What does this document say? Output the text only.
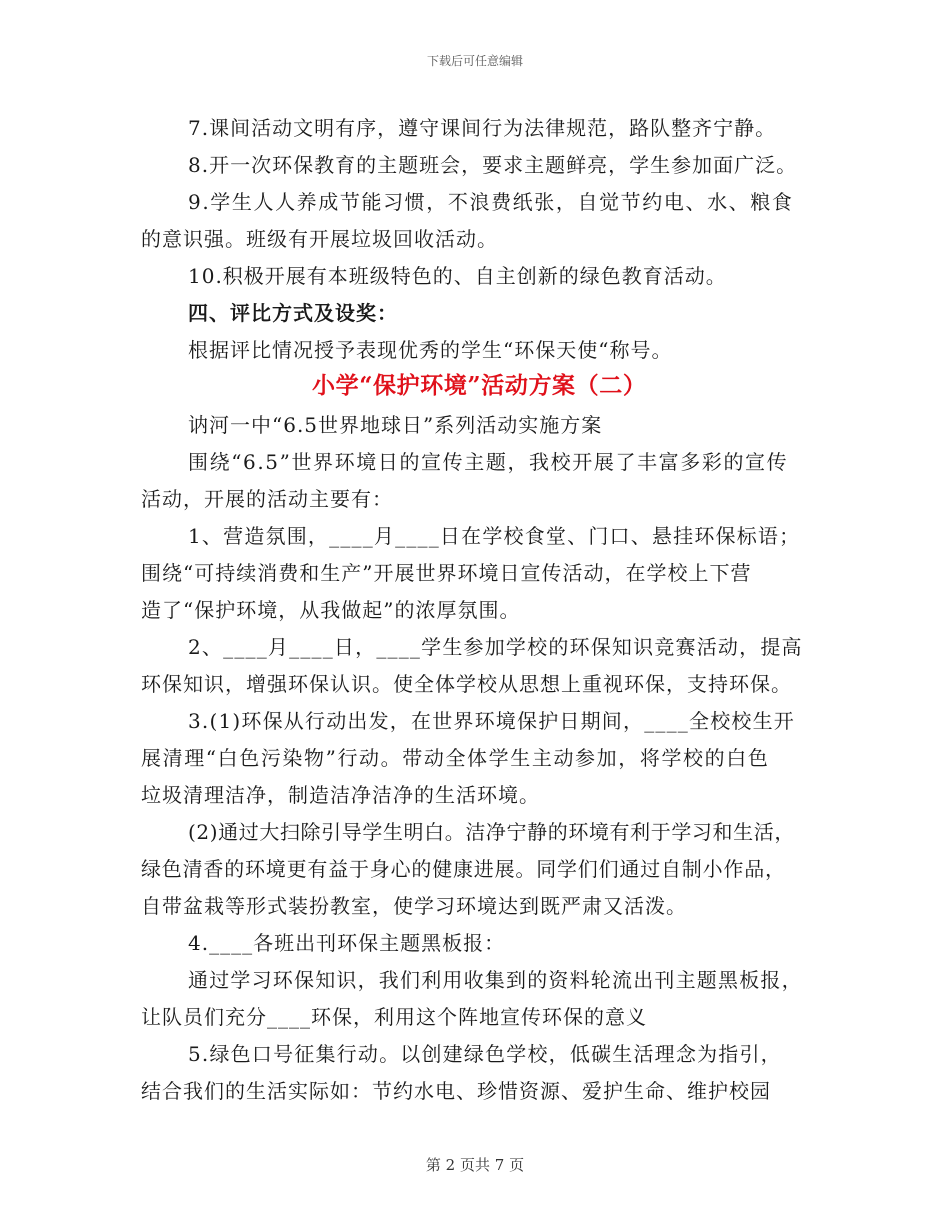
下载后可任意编辑
7.课间活动文明有序，遵守课间行为法律规范，路队整齐宁静。
8.开一次环保教育的主题班会，要求主题鲜亮，学生参加面广泛。
9.学生人人养成节能习惯，不浪费纸张，自觉节约电、水、粮食
的意识强。班级有开展垃圾回收活动。
10.积极开展有本班级特色的、自主创新的绿色教育活动。
四、评比方式及设奖：
根据评比情况授予表现优秀的学生“环保天使“称号。
小学“保护环境”活动方案（二）
讷河一中“6.5世界地球日”系列活动实施方案
围绕“6.5”世界环境日的宣传主题，我校开展了丰富多彩的宣传
活动，开展的活动主要有：
1、营造氛围，____月____日在学校食堂、门口、悬挂环保标语；
围绕“可持续消费和生产”开展世界环境日宣传活动，在学校上下营
造了“保护环境，从我做起”的浓厚氛围。
2、____月____日，____学生参加学校的环保知识竞赛活动，提高
环保知识，增强环保认识。使全体学校从思想上重视环保，支持环保。
3.(1)环保从行动出发，在世界环境保护日期间，____全校校生开
展清理“白色污染物”行动。带动全体学生主动参加，将学校的白色
垃圾清理洁净，制造洁净洁净的生活环境。
(2)通过大扫除引导学生明白。洁净宁静的环境有利于学习和生活，
绿色清香的环境更有益于身心的健康进展。同学们们通过自制小作品，
自带盆栽等形式装扮教室，使学习环境达到既严肃又活泼。
4.____各班出刊环保主题黑板报：
通过学习环保知识，我们利用收集到的资料轮流出刊主题黑板报，
让队员们充分____环保，利用这个阵地宣传环保的意义
5.绿色口号征集行动。以创建绿色学校，低碳生活理念为指引，
结合我们的生活实际如：节约水电、珍惜资源、爱护生命、维护校园
第 2 页共 7 页
